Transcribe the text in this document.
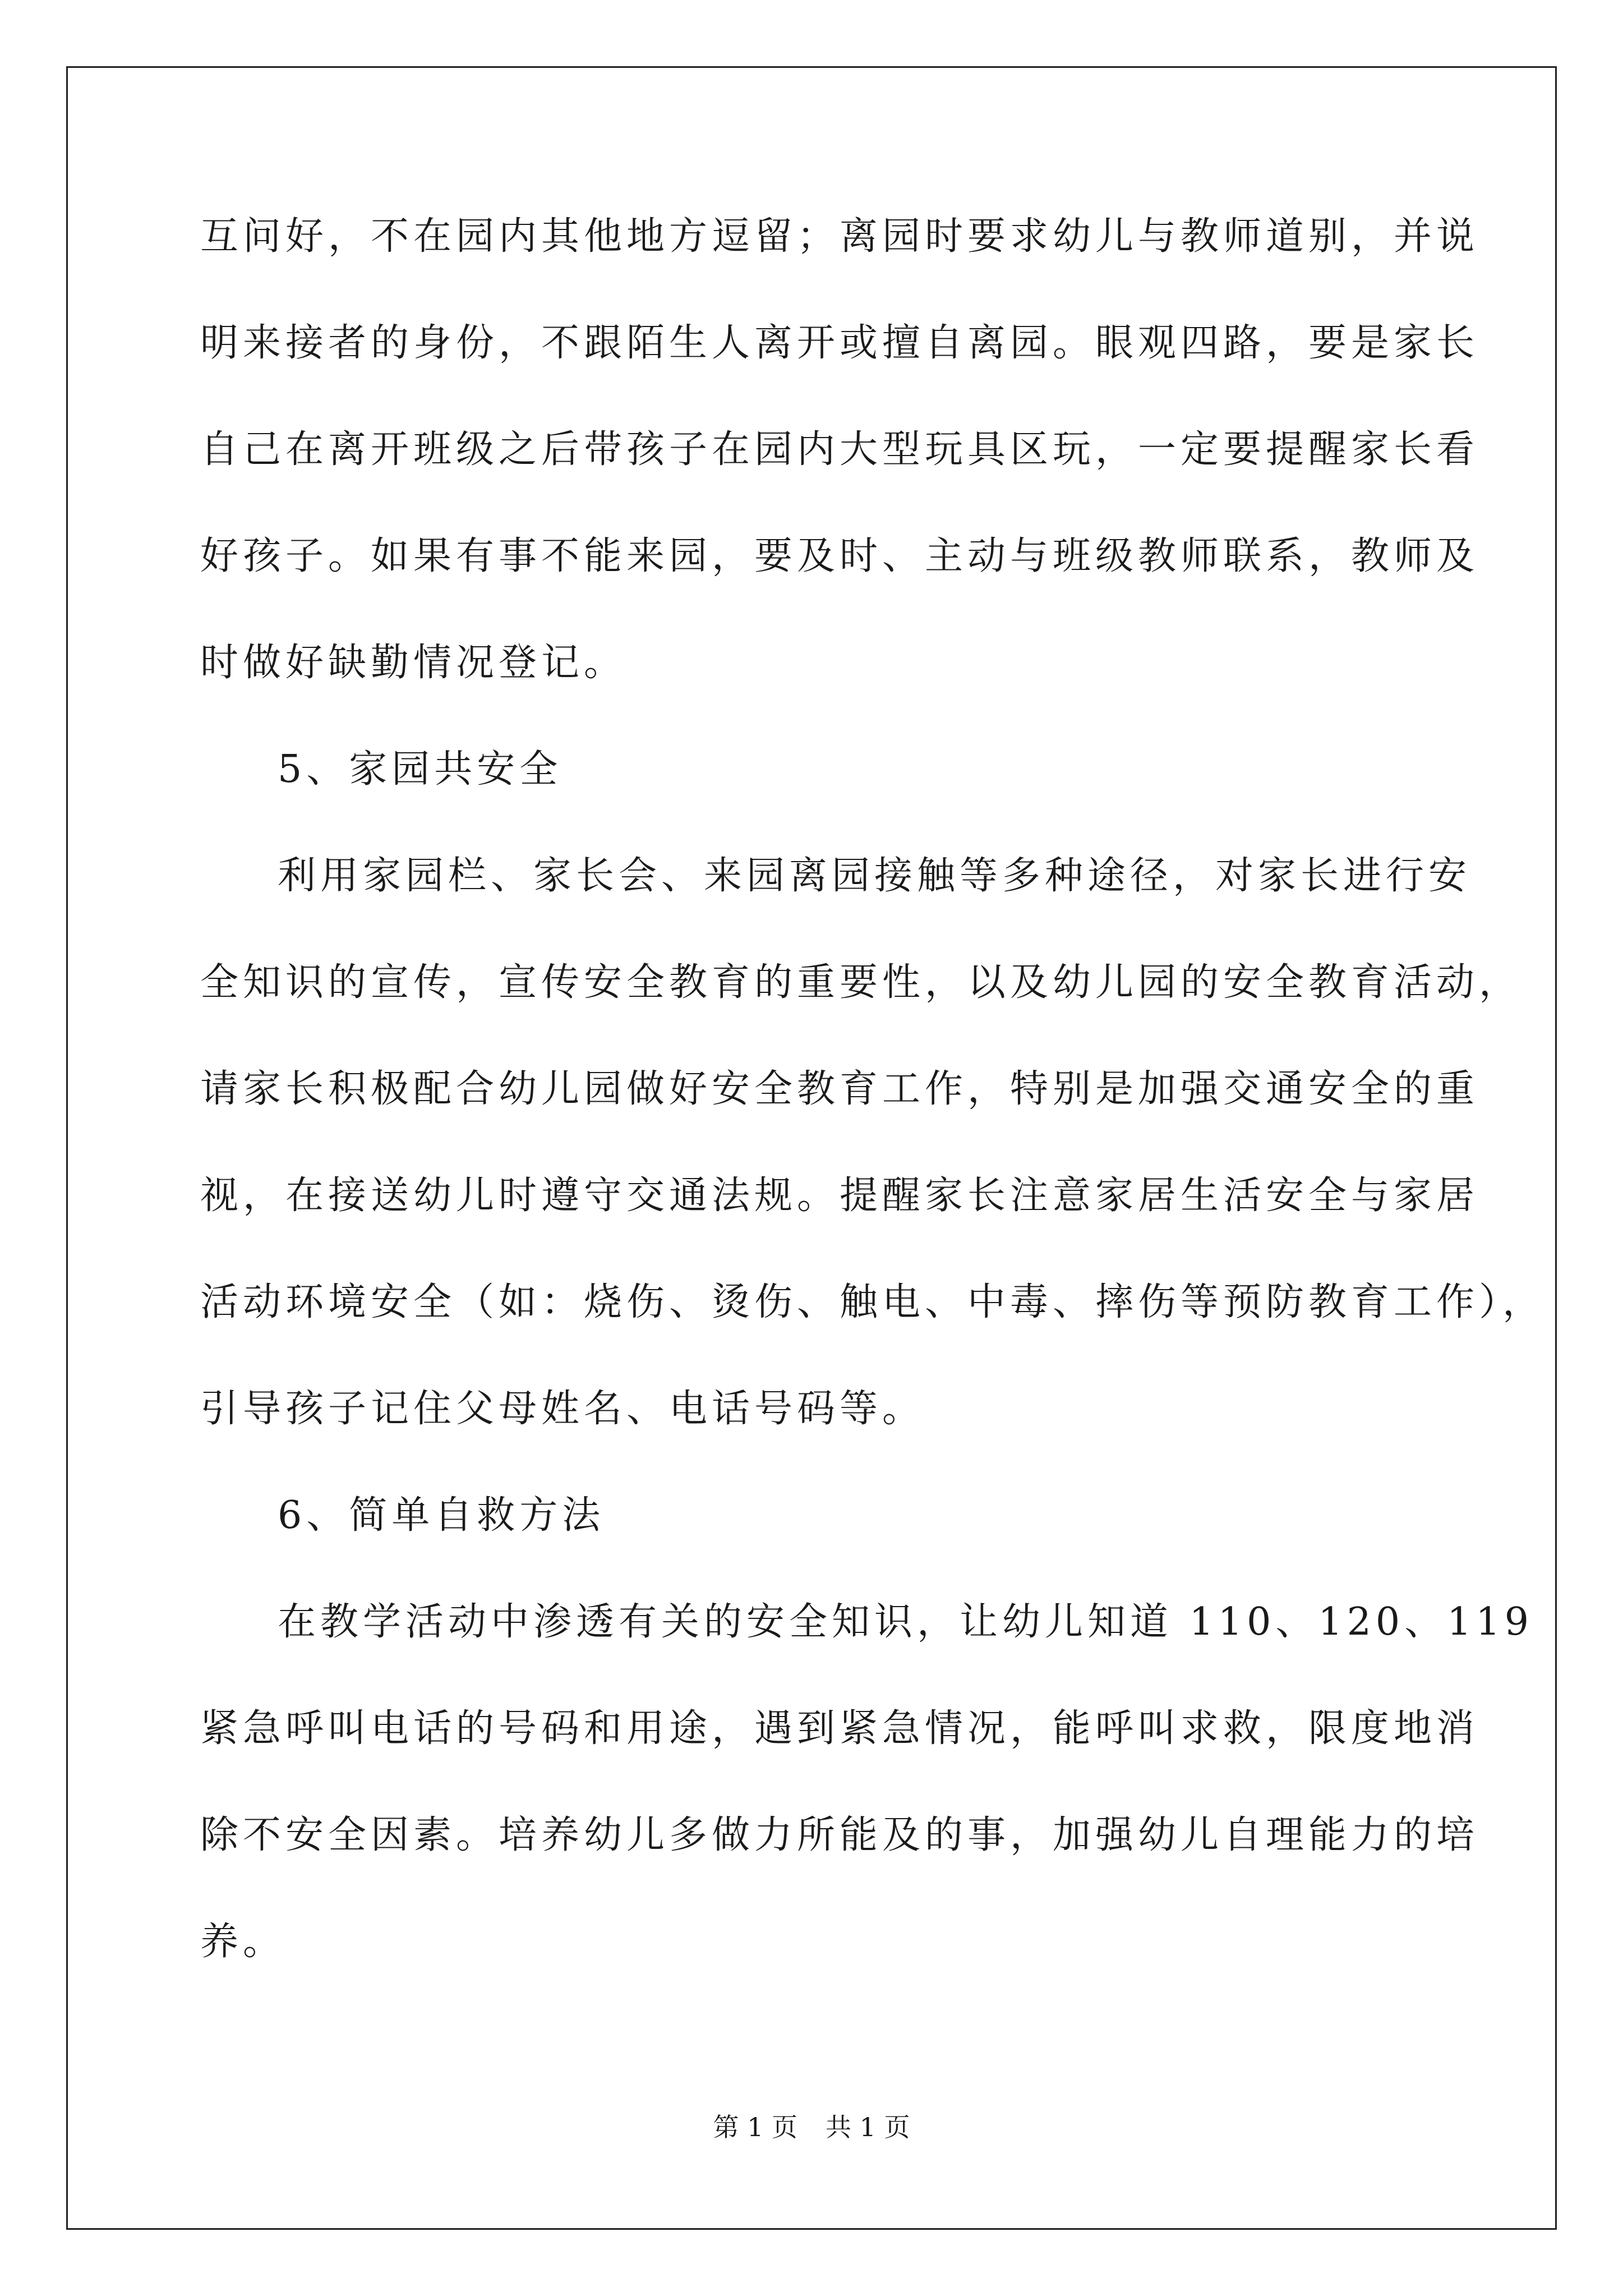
互问好，不在园内其他地方逗留；离园时要求幼儿与教师道别，并说
明来接者的身份，不跟陌生人离开或擅自离园。眼观四路，要是家长
自己在离开班级之后带孩子在园内大型玩具区玩，一定要提醒家长看
好孩子。如果有事不能来园，要及时、主动与班级教师联系，教师及
时做好缺勤情况登记。
5、家园共安全
利用家园栏、家长会、来园离园接触等多种途径，对家长进行安
全知识的宣传，宣传安全教育的重要性，以及幼儿园的安全教育活动，
请家长积极配合幼儿园做好安全教育工作，特别是加强交通安全的重
视，在接送幼儿时遵守交通法规。提醒家长注意家居生活安全与家居
活动环境安全（如：烧伤、烫伤、触电、中毒、摔伤等预防教育工作），
引导孩子记住父母姓名、电话号码等。
6、简单自救方法
在教学活动中渗透有关的安全知识，让幼儿知道 110、120、119
紧急呼叫电话的号码和用途，遇到紧急情况，能呼叫求救，限度地消
除不安全因素。培养幼儿多做力所能及的事，加强幼儿自理能力的培
养。
第 1 页 共 1 页
